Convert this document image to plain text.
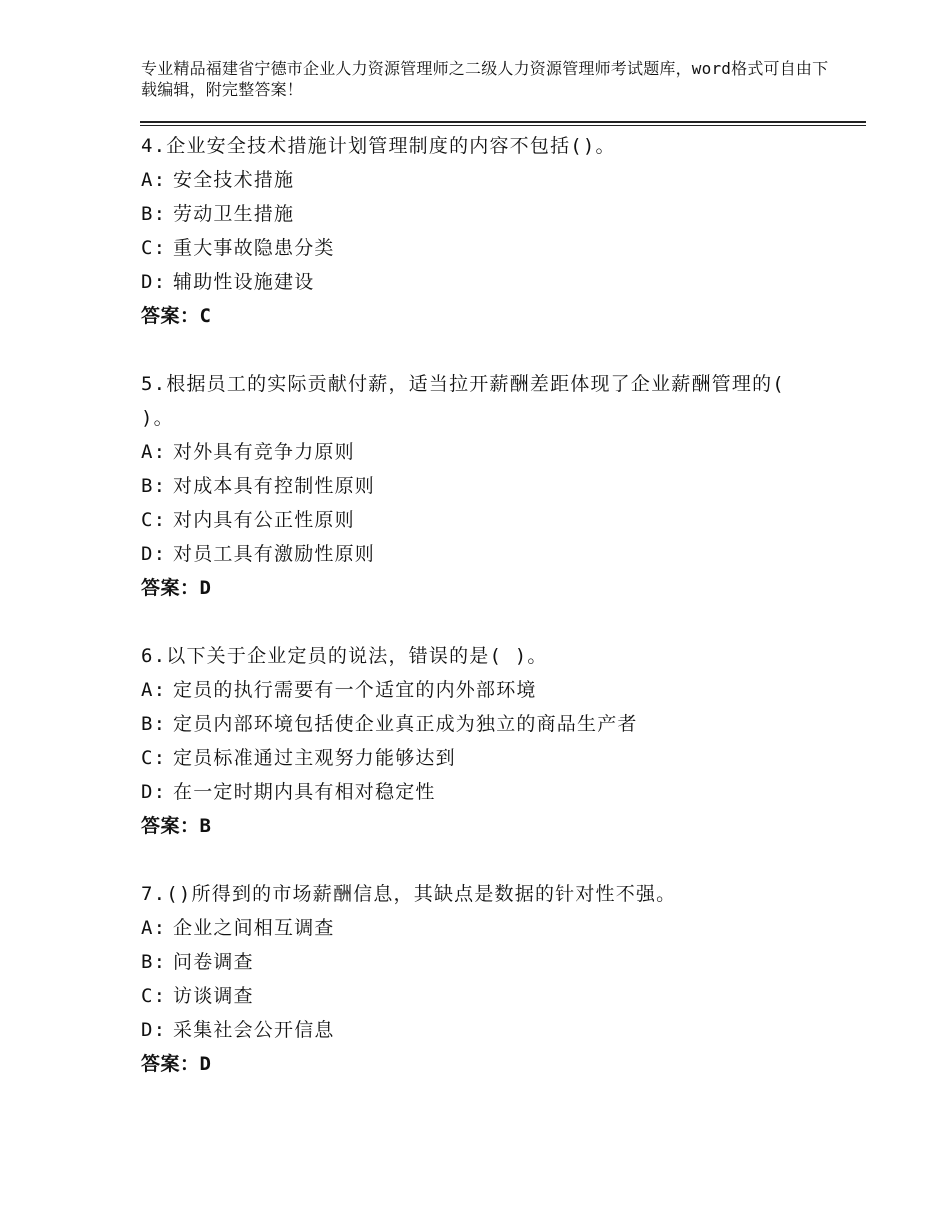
专业精品福建省宁德市企业人力资源管理师之二级人力资源管理师考试题库，word格式可自由下载编辑，附完整答案！
4.企业安全技术措施计划管理制度的内容不包括()。
A: 安全技术措施
B: 劳动卫生措施
C: 重大事故隐患分类
D: 辅助性设施建设
答案：C
5.根据员工的实际贡献付薪，适当拉开薪酬差距体现了企业薪酬管理的( )。
A: 对外具有竞争力原则
B: 对成本具有控制性原则
C: 对内具有公正性原则
D: 对员工具有激励性原则
答案：D
6.以下关于企业定员的说法，错误的是( )。
A: 定员的执行需要有一个适宜的内外部环境
B: 定员内部环境包括使企业真正成为独立的商品生产者
C: 定员标准通过主观努力能够达到
D: 在一定时期内具有相对稳定性
答案：B
7.()所得到的市场薪酬信息，其缺点是数据的针对性不强。
A: 企业之间相互调查
B: 问卷调查
C: 访谈调查
D: 采集社会公开信息
答案：D
